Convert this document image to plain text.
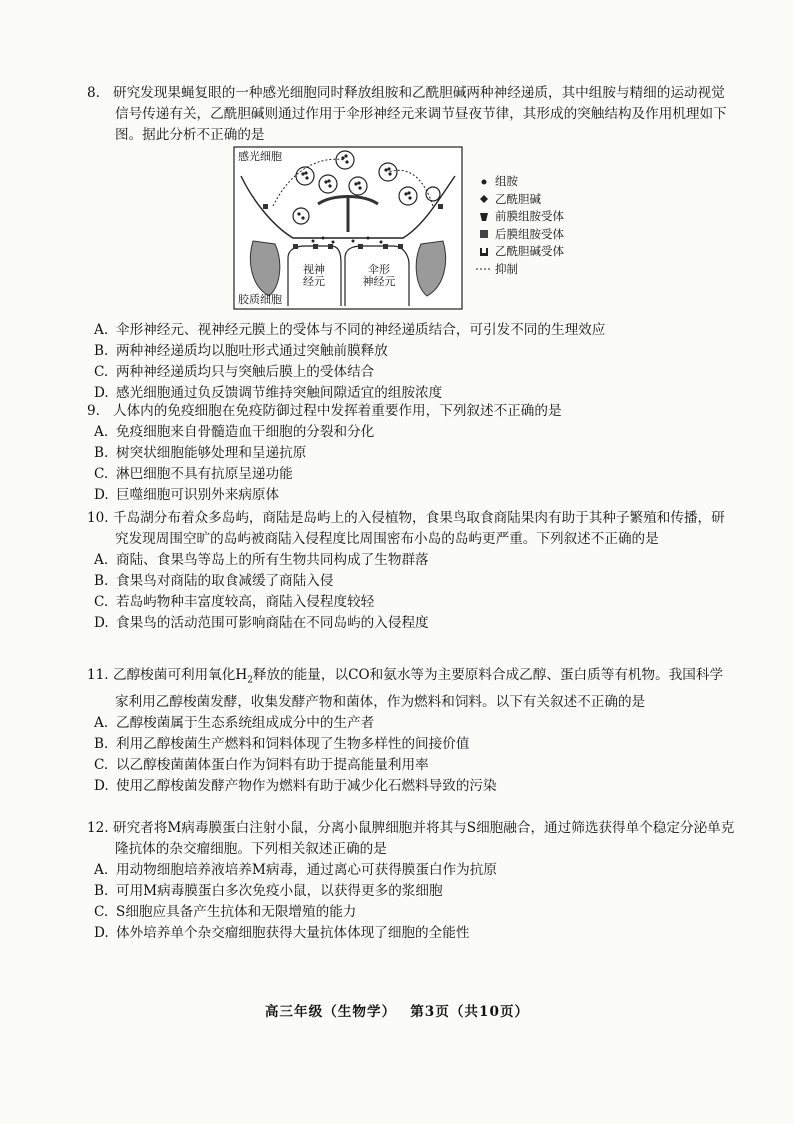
8. 研究发现果蝇复眼的一种感光细胞同时释放组胺和乙酰胆碱两种神经递质，其中组胺与精细的运动视觉信号传递有关，乙酰胆碱则通过作用于伞形神经元来调节昼夜节律，其形成的突触结构及作用机理如下图。据此分析不正确的是
感光细胞
胶质细胞
视神
经元
伞形
神经元
组胺
乙酰胆碱
前膜组胺受体
后膜组胺受体
乙酰胆碱受体
抑制
A. 伞形神经元、视神经元膜上的受体与不同的神经递质结合，可引发不同的生理效应
B. 两种神经递质均以胞吐形式通过突触前膜释放
C. 两种神经递质均只与突触后膜上的受体结合
D. 感光细胞通过负反馈调节维持突触间隙适宜的组胺浓度
9. 人体内的免疫细胞在免疫防御过程中发挥着重要作用，下列叙述不正确的是
A. 免疫细胞来自骨髓造血干细胞的分裂和分化
B. 树突状细胞能够处理和呈递抗原
C. 淋巴细胞不具有抗原呈递功能
D. 巨噬细胞可识别外来病原体
10. 千岛湖分布着众多岛屿，商陆是岛屿上的入侵植物，食果鸟取食商陆果肉有助于其种子繁殖和传播，研究发现周围空旷的岛屿被商陆入侵程度比周围密布小岛的岛屿更严重。下列叙述不正确的是
A. 商陆、食果鸟等岛上的所有生物共同构成了生物群落
B. 食果鸟对商陆的取食减缓了商陆入侵
C. 若岛屿物种丰富度较高，商陆入侵程度较轻
D. 食果鸟的活动范围可影响商陆在不同岛屿的入侵程度
11. 乙醇梭菌可利用氧化$H_2$释放的能量，以CO和氨水等为主要原料合成乙醇、蛋白质等有机物。我国科学家利用乙醇梭菌发酵，收集发酵产物和菌体，作为燃料和饲料。以下有关叙述不正确的是
A. 乙醇梭菌属于生态系统组成成分中的生产者
B. 利用乙醇梭菌生产燃料和饲料体现了生物多样性的间接价值
C. 以乙醇梭菌菌体蛋白作为饲料有助于提高能量利用率
D. 使用乙醇梭菌发酵产物作为燃料有助于减少化石燃料导致的污染
12. 研究者将M病毒膜蛋白注射小鼠，分离小鼠脾细胞并将其与S细胞融合，通过筛选获得单个稳定分泌单克隆抗体的杂交瘤细胞。下列相关叙述正确的是
A. 用动物细胞培养液培养M病毒，通过离心可获得膜蛋白作为抗原
B. 可用M病毒膜蛋白多次免疫小鼠，以获得更多的浆细胞
C. S细胞应具备产生抗体和无限增殖的能力
D. 体外培养单个杂交瘤细胞获得大量抗体体现了细胞的全能性
高三年级（生物学） 第3页（共10页）
